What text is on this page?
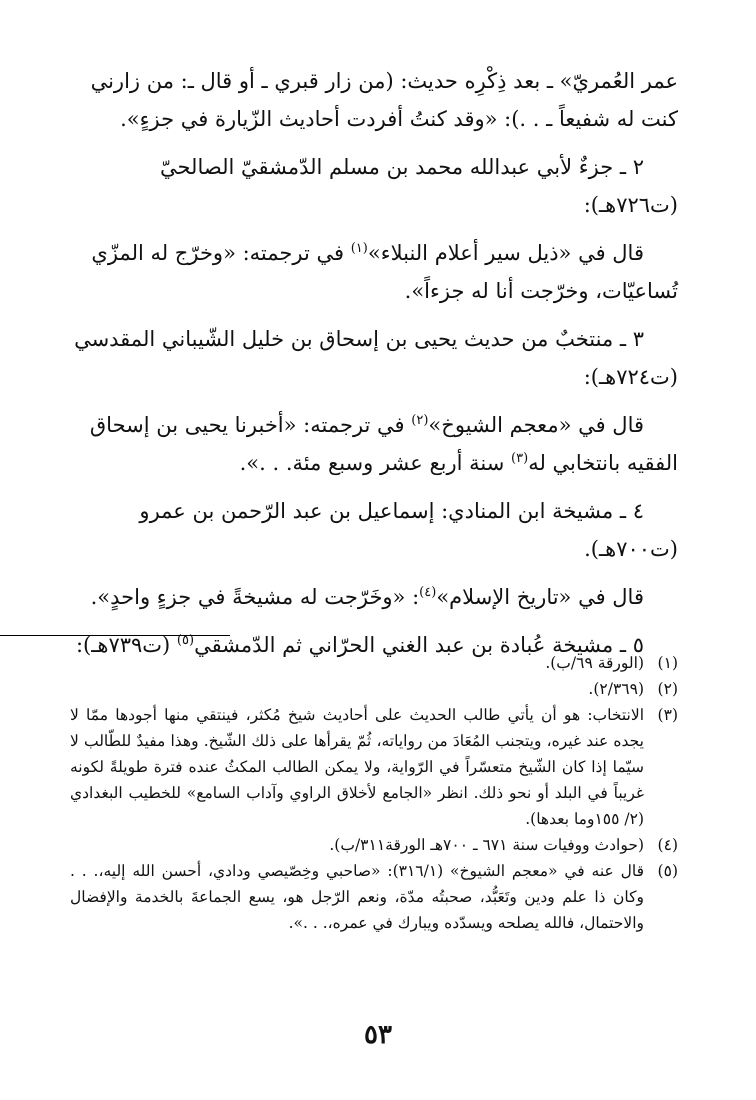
عمر العُمريّ» ـ بعد ذِكْرِه حديث: (من زار قبري ـ أو قال ـ: من زارني
كنت له شفيعاً ـ . .): «وقد كنتُ أفردت أحاديث الزّيارة في جزءٍ».

٢ ـ جزءٌ لأبي عبدالله محمد بن مسلم الدّمشقيّ الصالحيّ
(ت٧٢٦هـ):

قال في «ذيل سير أعلام النبلاء»$^{(١)}$ في ترجمته: «وخرّج له المزّي
تُساعيّات، وخرّجت أنا له جزءاً».

٣ ـ منتخبٌ من حديث يحيى بن إسحاق بن خليل الشّيباني المقدسي
(ت٧٢٤هـ):

قال في «معجم الشيوخ»$^{(٢)}$ في ترجمته: «أخبرنا يحيى بن إسحاق
الفقيه بانتخابي له$^{(٣)}$ سنة أربع عشر وسبع مئة. . .».

٤ ـ مشيخة ابن المنادي: إسماعيل بن عبد الرّحمن بن عمرو
(ت٧٠٠هـ).

قال في «تاريخ الإسلام»$^{(٤)}$: «وخَرّجت له مشيخةً في جزءٍ واحدٍ».

٥ ـ مشيخة عُبادة بن عبد الغني الحرّاني ثم الدّمشقي$^{(٥)}$ (ت٧٣٩هـ):

(١)
(الورقة ٦٩/ب).
(٢)
(٢/٣٦٩).
(٣)
الانتخاب: هو أن يأتي طالب الحديث على أحاديث شيخ مُكثر، فينتقي منها أجودها ممّا لا يجده عند غيره، ويتجنب المُعَادَ من رواياته، ثُمّ يقرأها على ذلك الشّيخ. وهذا مفيدٌ للطّالب لا سيّما إذا كان الشّيخ متعسّراً في الرّواية، ولا يمكن الطالب المكثُ عنده فترة طويلةً لكونه غريباً في البلد أو نحو ذلك. انظر «الجامع لأخلاق الراوي وآداب السامع» للخطيب البغدادي (٢/ ١٥٥وما بعدها).
(٤)
(حوادث ووفيات سنة ٦٧١ ـ ٧٠٠هـ الورقة٣١١/ب).
(٥)
قال عنه في «معجم الشيوخ» (٣١٦/١): «صاحبي وخِصّيصي ودادي، أحسن الله إليه،. . . وكان ذا علم ودين وتَعَبُّد، صحبتُه مدّة، ونعم الرّجل هو، يسع الجماعةَ بالخدمة والإفضال والاحتمال، فالله يصلحه ويسدّده ويبارك في عمره،. . .».
٥٣
